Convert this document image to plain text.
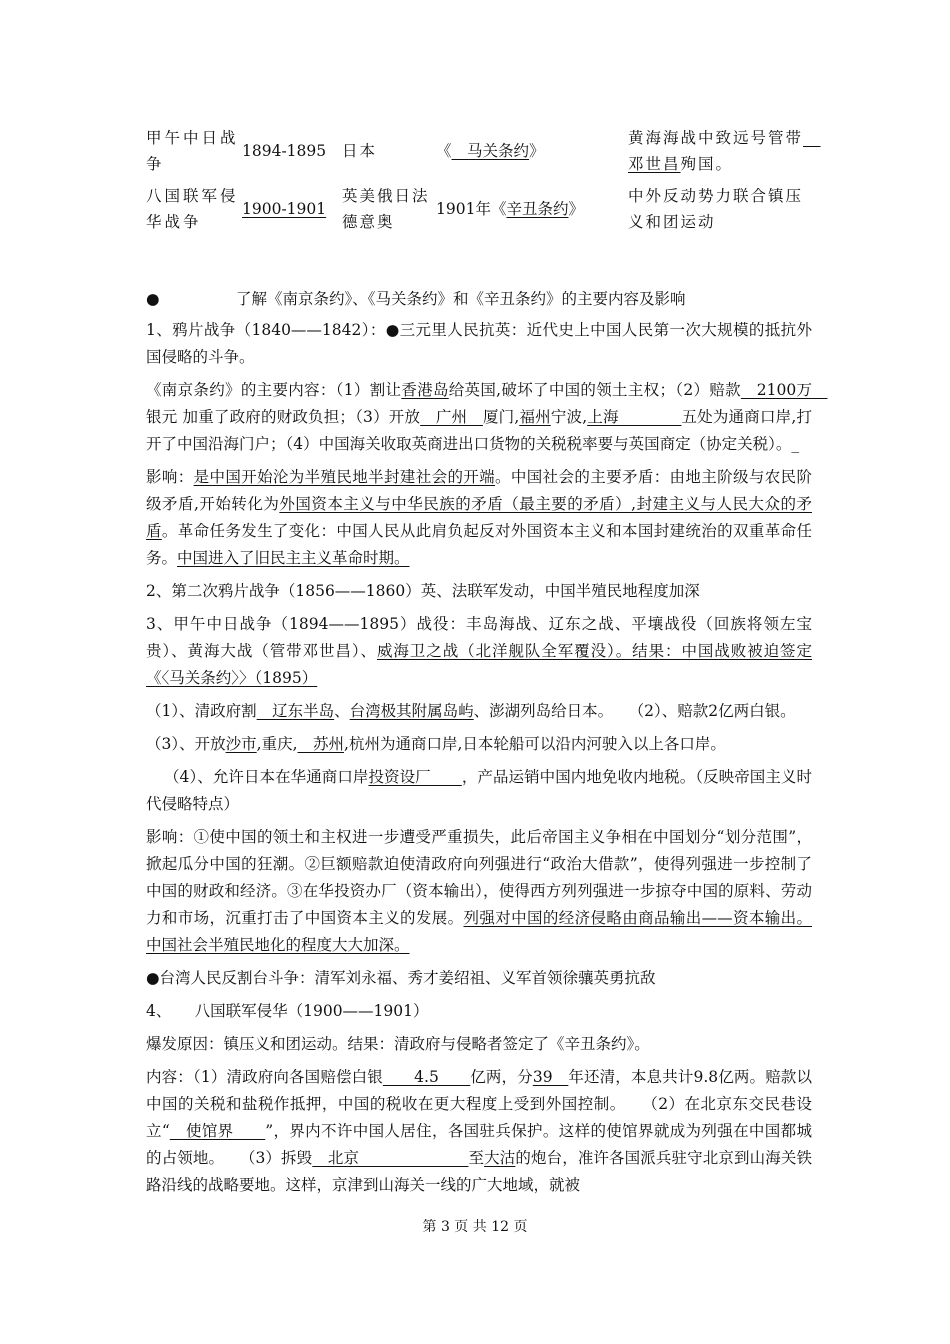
甲午中日战争	1894-1895	日本	《　马关条约》	黄海海战中致远号管带　邓世昌殉国。
八国联军侵华战争	1900-1901	英美俄日法德意奥	1901年《辛丑条约》	中外反动势力联合镇压义和团运动

●	了解《南京条约》、《马关条约》和《辛丑条约》的主要内容及影响

1、鸦片战争（1840——1842）：●三元里人民抗英：近代史上中国人民第一次大规模的抵抗外国侵略的斗争。

《南京条约》的主要内容：（1）割让香港岛给英国,破坏了中国的领土主权；（2）赔款　2100万　银元 加重了政府的财政负担；（3）开放　广州　厦门,福州宁波,上海　　　　五处为通商口岸,打开了中国沿海门户；（4）中国海关收取英商进出口货物的关税税率要与英国商定（协定关税）。_

影响：是中国开始沦为半殖民地半封建社会的开端。中国社会的主要矛盾：由地主阶级与农民阶级矛盾,开始转化为外国资本主义与中华民族的矛盾（最主要的矛盾）,封建主义与人民大众的矛盾。革命任务发生了变化：中国人民从此肩负起反对外国资本主义和本国封建统治的双重革命任务。中国进入了旧民主主义革命时期。

2、第二次鸦片战争（1856——1860）英、法联军发动，中国半殖民地程度加深

3、甲午中日战争（1894——1895）战役：丰岛海战、辽东之战、平壤战役（回族将领左宝贵）、黄海大战（管带邓世昌）、威海卫之战（北洋舰队全军覆没）。结果：中国战败被迫签定《〈马关条约〉〉（1895）

（1）、清政府割　辽东半岛、台湾极其附属岛屿、澎湖列岛给日本。　　（2）、赔款2亿两白银。

（3）、开放沙市,重庆,　苏州,杭州为通商口岸,日本轮船可以沿内河驶入以上各口岸。

（4）、允许日本在华通商口岸投资设厂　　，产品运销中国内地免收内地税。（反映帝国主义时代侵略特点）

影响：①使中国的领土和主权进一步遭受严重损失，此后帝国主义争相在中国划分“划分范围”，掀起瓜分中国的狂潮。②巨额赔款迫使清政府向列强进行“政治大借款”，使得列强进一步控制了中国的财政和经济。③在华投资办厂（资本输出），使得西方列列强进一步掠夺中国的原料、劳动力和市场，沉重打击了中国资本主义的发展。列强对中国的经济侵略由商品输出——资本输出。中国社会半殖民地化的程度大大加深。

●台湾人民反割台斗争：清军刘永福、秀才姜绍祖、义军首领徐骧英勇抗敌

4、　　八国联军侵华（1900——1901）

爆发原因：镇压义和团运动。结果：清政府与侵略者签定了《辛丑条约》。

内容：（1）清政府向各国赔偿白银　　4.5　　亿两，分39　年还清，本息共计9.8亿两。赔款以中国的关税和盐税作抵押，中国的税收在更大程度上受到外国控制。　　（2）在北京东交民巷设立“　使馆界　　”，界内不许中国人居住，各国驻兵保护。这样的使馆界就成为列强在中国都城的占领地。　　（3）拆毁　北京　　　　　　　至大沽的炮台，准许各国派兵驻守北京到山海关铁路沿线的战略要地。这样，京津到山海关一线的广大地域，就被

第 3 页 共 12 页
